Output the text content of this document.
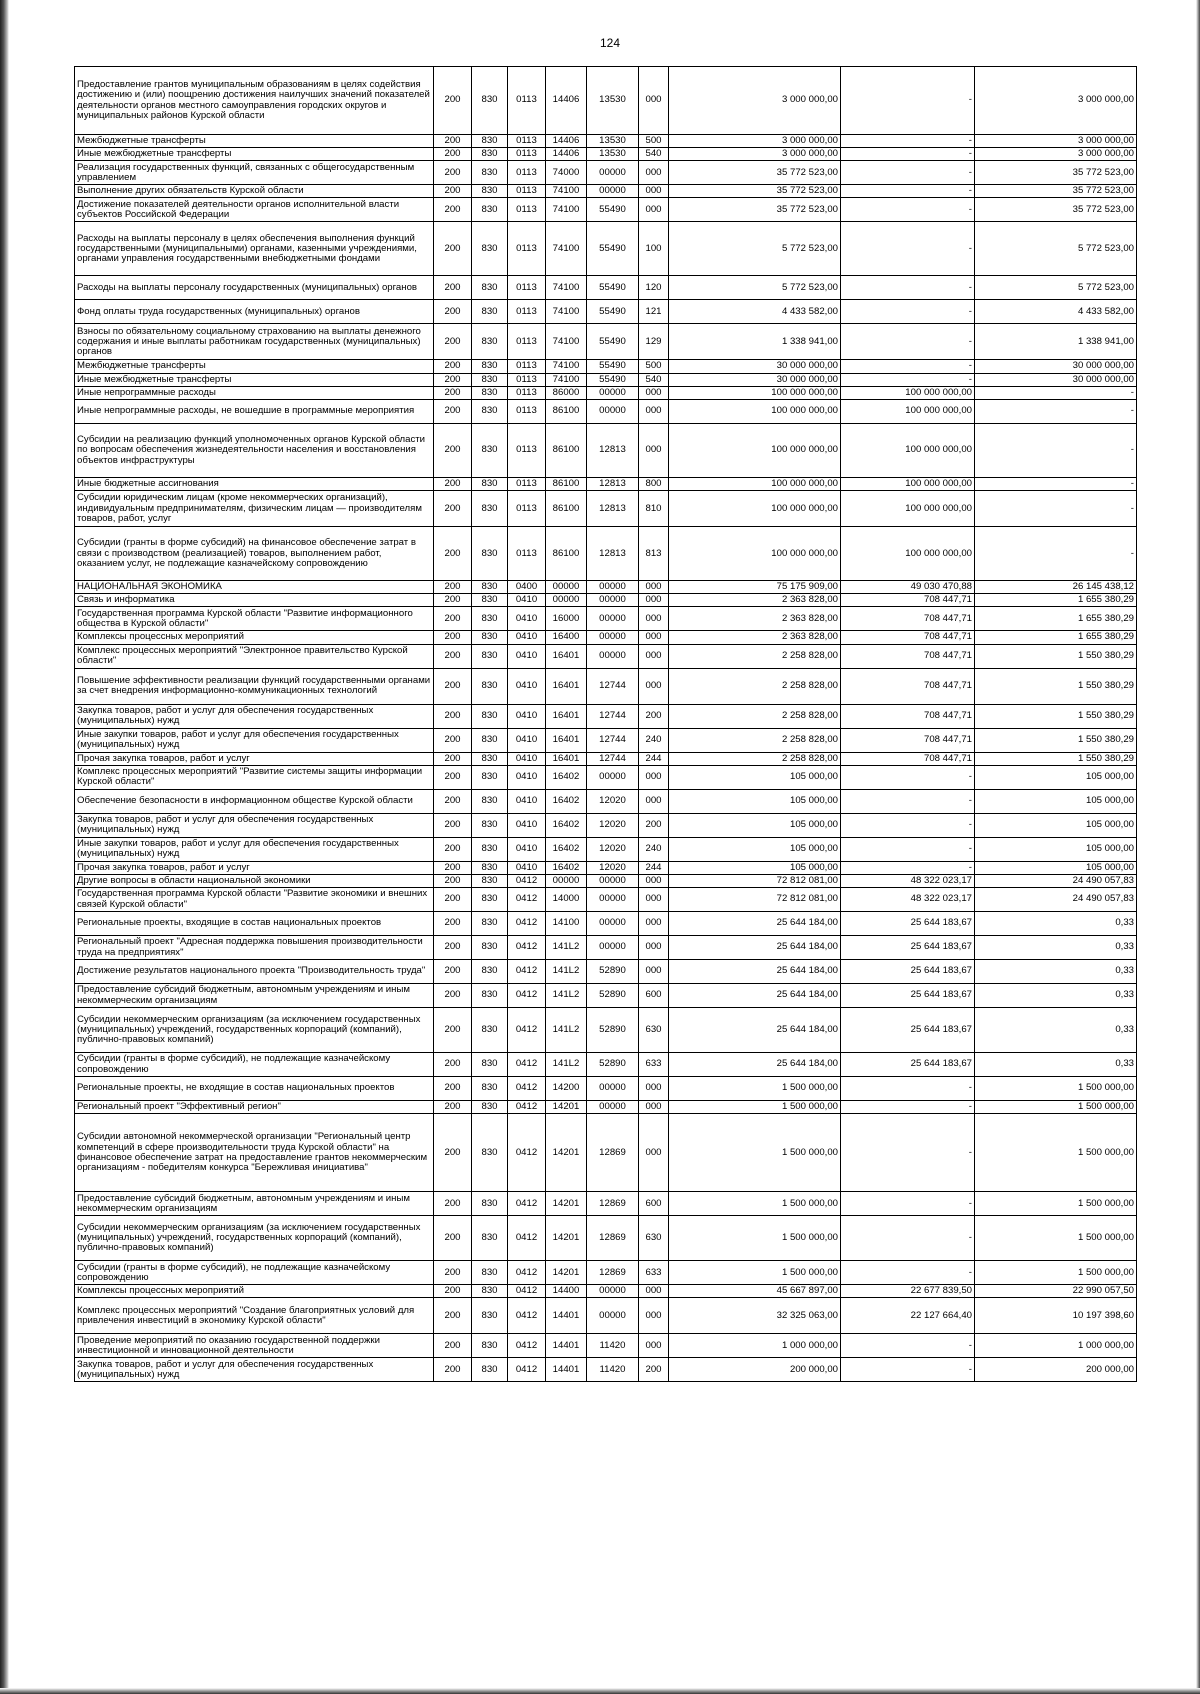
124
Предоставление грантов муниципальным образованиям в целях содействия достижению и (или) поощрению достижения наилучших значений показателей деятельности органов местного самоуправления городских округов и муниципальных районов Курской области	200	830	0113	14406	13530	000	3 000 000,00	-	3 000 000,00
Межбюджетные трансферты	200	830	0113	14406	13530	500	3 000 000,00	-	3 000 000,00
Иные межбюджетные трансферты	200	830	0113	14406	13530	540	3 000 000,00	-	3 000 000,00
Реализация государственных функций, связанных с общегосударственным управлением	200	830	0113	74000	00000	000	35 772 523,00	-	35 772 523,00
Выполнение других обязательств Курской области	200	830	0113	74100	00000	000	35 772 523,00	-	35 772 523,00
Достижение показателей деятельности органов исполнительной власти субъектов Российской Федерации	200	830	0113	74100	55490	000	35 772 523,00	-	35 772 523,00
Расходы на выплаты персоналу в целях обеспечения выполнения функций государственными (муниципальными) органами, казенными учреждениями, органами управления государственными внебюджетными фондами	200	830	0113	74100	55490	100	5 772 523,00	-	5 772 523,00
Расходы на выплаты персоналу государственных (муниципальных) органов	200	830	0113	74100	55490	120	5 772 523,00	-	5 772 523,00
Фонд оплаты труда государственных (муниципальных) органов	200	830	0113	74100	55490	121	4 433 582,00	-	4 433 582,00
Взносы по обязательному социальному страхованию на выплаты денежного содержания и иные выплаты работникам государственных (муниципальных) органов	200	830	0113	74100	55490	129	1 338 941,00	-	1 338 941,00
Межбюджетные трансферты	200	830	0113	74100	55490	500	30 000 000,00	-	30 000 000,00
Иные межбюджетные трансферты	200	830	0113	74100	55490	540	30 000 000,00	-	30 000 000,00
Иные непрограммные расходы	200	830	0113	86000	00000	000	100 000 000,00	100 000 000,00	-
Иные непрограммные расходы, не вошедшие в программные мероприятия	200	830	0113	86100	00000	000	100 000 000,00	100 000 000,00	-
Субсидии на реализацию функций уполномоченных органов Курской области по вопросам обеспечения жизнедеятельности населения и восстановления объектов инфраструктуры	200	830	0113	86100	12813	000	100 000 000,00	100 000 000,00	-
Иные бюджетные ассигнования	200	830	0113	86100	12813	800	100 000 000,00	100 000 000,00	-
Субсидии юридическим лицам (кроме некоммерческих организаций), индивидуальным предпринимателям, физическим лицам — производителям товаров, работ, услуг	200	830	0113	86100	12813	810	100 000 000,00	100 000 000,00	-
Субсидии (гранты в форме субсидий) на финансовое обеспечение затрат в связи с производством (реализацией) товаров, выполнением работ, оказанием услуг, не подлежащие казначейскому сопровождению	200	830	0113	86100	12813	813	100 000 000,00	100 000 000,00	-
НАЦИОНАЛЬНАЯ ЭКОНОМИКА	200	830	0400	00000	00000	000	75 175 909,00	49 030 470,88	26 145 438,12
Связь и информатика	200	830	0410	00000	00000	000	2 363 828,00	708 447,71	1 655 380,29
Государственная программа Курской области "Развитие информационного общества в Курской области"	200	830	0410	16000	00000	000	2 363 828,00	708 447,71	1 655 380,29
Комплексы процессных мероприятий	200	830	0410	16400	00000	000	2 363 828,00	708 447,71	1 655 380,29
Комплекс процессных мероприятий "Электронное правительство Курской области"	200	830	0410	16401	00000	000	2 258 828,00	708 447,71	1 550 380,29
Повышение эффективности реализации функций государственными органами за счет внедрения информационно-коммуникационных технологий	200	830	0410	16401	12744	000	2 258 828,00	708 447,71	1 550 380,29
Закупка товаров, работ и услуг для обеспечения государственных (муниципальных) нужд	200	830	0410	16401	12744	200	2 258 828,00	708 447,71	1 550 380,29
Иные закупки товаров, работ и услуг для обеспечения государственных (муниципальных) нужд	200	830	0410	16401	12744	240	2 258 828,00	708 447,71	1 550 380,29
Прочая закупка товаров, работ и услуг	200	830	0410	16401	12744	244	2 258 828,00	708 447,71	1 550 380,29
Комплекс процессных мероприятий "Развитие системы защиты информации Курской области"	200	830	0410	16402	00000	000	105 000,00	-	105 000,00
Обеспечение безопасности в информационном обществе Курской области	200	830	0410	16402	12020	000	105 000,00	-	105 000,00
Закупка товаров, работ и услуг для обеспечения государственных (муниципальных) нужд	200	830	0410	16402	12020	200	105 000,00	-	105 000,00
Иные закупки товаров, работ и услуг для обеспечения государственных (муниципальных) нужд	200	830	0410	16402	12020	240	105 000,00	-	105 000,00
Прочая закупка товаров, работ и услуг	200	830	0410	16402	12020	244	105 000,00	-	105 000,00
Другие вопросы в области национальной экономики	200	830	0412	00000	00000	000	72 812 081,00	48 322 023,17	24 490 057,83
Государственная программа Курской области "Развитие экономики и внешних связей Курской области"	200	830	0412	14000	00000	000	72 812 081,00	48 322 023,17	24 490 057,83
Региональные проекты, входящие в состав национальных проектов	200	830	0412	14100	00000	000	25 644 184,00	25 644 183,67	0,33
Региональный проект "Адресная поддержка повышения производительности труда на предприятиях"	200	830	0412	141L2	00000	000	25 644 184,00	25 644 183,67	0,33
Достижение результатов национального проекта "Производительность труда"	200	830	0412	141L2	52890	000	25 644 184,00	25 644 183,67	0,33
Предоставление субсидий бюджетным, автономным учреждениям и иным некоммерческим организациям	200	830	0412	141L2	52890	600	25 644 184,00	25 644 183,67	0,33
Субсидии некоммерческим организациям (за исключением государственных (муниципальных) учреждений, государственных корпораций (компаний), публично-правовых компаний)	200	830	0412	141L2	52890	630	25 644 184,00	25 644 183,67	0,33
Субсидии (гранты в форме субсидий), не подлежащие казначейскому сопровождению	200	830	0412	141L2	52890	633	25 644 184,00	25 644 183,67	0,33
Региональные проекты, не входящие в состав национальных проектов	200	830	0412	14200	00000	000	1 500 000,00	-	1 500 000,00
Региональный проект "Эффективный регион"	200	830	0412	14201	00000	000	1 500 000,00	-	1 500 000,00
Субсидии автономной некоммерческой организации "Региональный центр компетенций в сфере производительности труда Курской области" на финансовое обеспечение затрат на предоставление грантов некоммерческим организациям - победителям конкурса "Бережливая инициатива"	200	830	0412	14201	12869	000	1 500 000,00	-	1 500 000,00
Предоставление субсидий бюджетным, автономным учреждениям и иным некоммерческим организациям	200	830	0412	14201	12869	600	1 500 000,00	-	1 500 000,00
Субсидии некоммерческим организациям (за исключением государственных (муниципальных) учреждений, государственных корпораций (компаний), публично-правовых компаний)	200	830	0412	14201	12869	630	1 500 000,00	-	1 500 000,00
Субсидии (гранты в форме субсидий), не подлежащие казначейскому сопровождению	200	830	0412	14201	12869	633	1 500 000,00	-	1 500 000,00
Комплексы процессных мероприятий	200	830	0412	14400	00000	000	45 667 897,00	22 677 839,50	22 990 057,50
Комплекс процессных мероприятий "Создание благоприятных условий для привлечения инвестиций в экономику Курской области"	200	830	0412	14401	00000	000	32 325 063,00	22 127 664,40	10 197 398,60
Проведение мероприятий по оказанию государственной поддержки инвестиционной и инновационной деятельности	200	830	0412	14401	11420	000	1 000 000,00	-	1 000 000,00
Закупка товаров, работ и услуг для обеспечения государственных (муниципальных) нужд	200	830	0412	14401	11420	200	200 000,00	-	200 000,00
